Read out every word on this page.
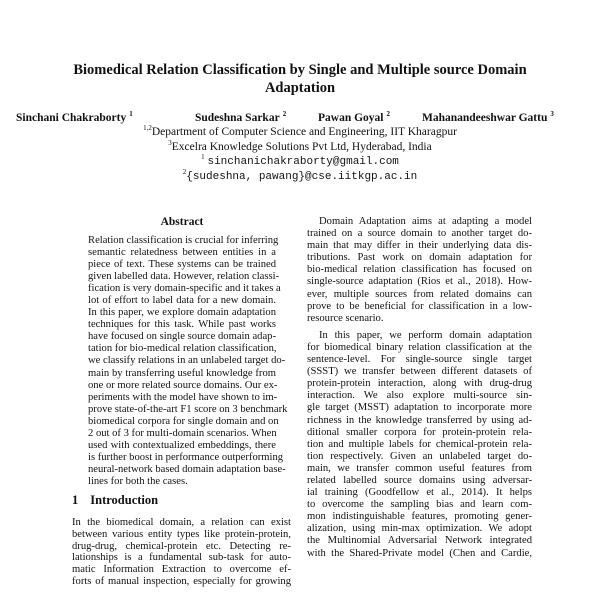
Biomedical Relation Classification by Single and Multiple source Domain Adaptation
Sinchani Chakraborty $^1$	Sudeshna Sarkar $^2$	Pawan Goyal $^2$	Mahanandeeshwar Gattu $^3$
$^{1,2}$Department of Computer Science and Engineering, IIT Kharagpur
$^3$Excelra Knowledge Solutions Pvt Ltd, Hyderabad, India
$^1$ sinchanichakraborty@gmail.com
$^2${sudeshna, pawang}@cse.iitkgp.ac.in
Abstract
Relation classification is crucial for inferring
semantic relatedness between entities in a
piece of text. These systems can be trained
given labelled data. However, relation classi-
fication is very domain-specific and it takes a
lot of effort to label data for a new domain.
In this paper, we explore domain adaptation
techniques for this task. While past works
have focused on single source domain adap-
tation for bio-medical relation classification,
we classify relations in an unlabeled target do-
main by transferring useful knowledge from
one or more related source domains. Our ex-
periments with the model have shown to im-
prove state-of-the-art F1 score on 3 benchmark
biomedical corpora for single domain and on
2 out of 3 for multi-domain scenarios. When
used with contextualized embeddings, there
is further boost in performance outperforming
neural-network based domain adaptation base-
lines for both the cases.
1 Introduction
In the biomedical domain, a relation can exist
between various entity types like protein-protein,
drug-drug, chemical-protein etc. Detecting re-
lationships is a fundamental sub-task for auto-
matic Information Extraction to overcome ef-
forts of manual inspection, especially for growing
Domain Adaptation aims at adapting a model
trained on a source domain to another target do-
main that may differ in their underlying data dis-
tributions. Past work on domain adaptation for
bio-medical relation classification has focused on
single-source adaptation (Rios et al., 2018). How-
ever, multiple sources from related domains can
prove to be beneficial for classification in a low-
resource scenario.
In this paper, we perform domain adaptation
for biomedical binary relation classification at the
sentence-level. For single-source single target
(SSST) we transfer between different datasets of
protein-protein interaction, along with drug-drug
interaction. We also explore multi-source sin-
gle target (MSST) adaptation to incorporate more
richness in the knowledge transferred by using ad-
ditional smaller corpora for protein-protein rela-
tion and multiple labels for chemical-protein rela-
tion respectively. Given an unlabeled target do-
main, we transfer common useful features from
related labelled source domains using adversar-
ial training (Goodfellow et al., 2014). It helps
to overcome the sampling bias and learn com-
mon indistinguishable features, promoting gener-
alization, using min-max optimization. We adopt
the Multinomial Adversarial Network integrated
with the Shared-Private model (Chen and Cardie,
